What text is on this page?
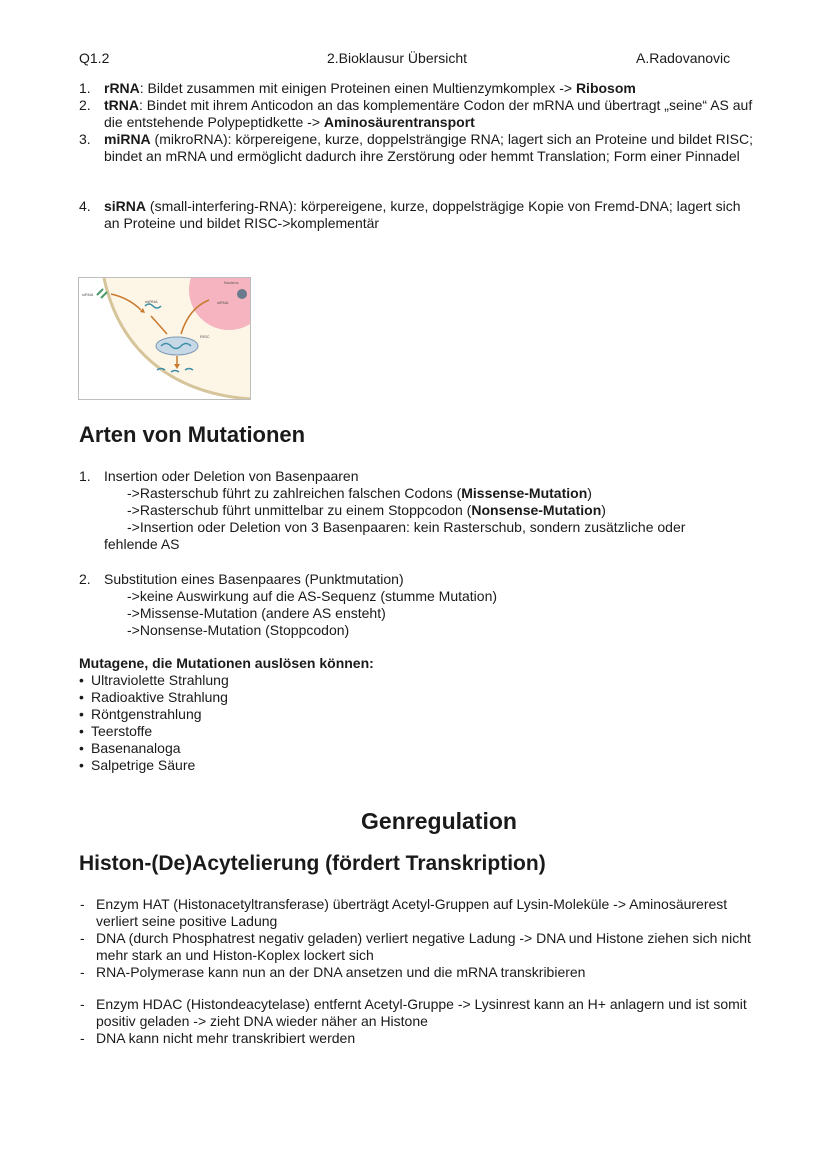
Q1.2	2.Bioklausur Übersicht	A.Radovanovic
1. rRNA: Bildet zusammen mit einigen Proteinen einen Multienzymkomplex -> Ribosom
2. tRNA: Bindet mit ihrem Anticodon an das komplementäre Codon der mRNA und übertragt „seine“ AS auf die entstehende Polypeptidkette -> Aminosäurentransport
3. miRNA (mikroRNA): körpereigene, kurze, doppelsträngige RNA; lagert sich an Proteine und bildet RISC; bindet an mRNA und ermöglicht dadurch ihre Zerstörung oder hemmt Translation; Form einer Pinnadel
4. siRNA (small-interfering-RNA): körpereigene, kurze, doppelsträgige Kopie von Fremd-DNA; lagert sich an Proteine und bildet RISC->komplementär
siRNA
miRNA
RISC
Nucleus
siRNA
Arten von Mutationen
1. Insertion oder Deletion von Basenpaaren
->Rasterschub führt zu zahlreichen falschen Codons (Missense-Mutation)
->Rasterschub führt unmittelbar zu einem Stoppcodon (Nonsense-Mutation)
->Insertion oder Deletion von 3 Basenpaaren: kein Rasterschub, sondern zusätzliche oder
fehlende AS
2. Substitution eines Basenpaares (Punktmutation)
->keine Auswirkung auf die AS-Sequenz (stumme Mutation)
->Missense-Mutation (andere AS ensteht)
->Nonsense-Mutation (Stoppcodon)
Mutagene, die Mutationen auslösen können:
• Ultraviolette Strahlung
• Radioaktive Strahlung
• Röntgenstrahlung
• Teerstoffe
• Basenanaloga
• Salpetrige Säure
Genregulation
Histon-(De)Acytelierung (fördert Transkription)
- Enzym HAT (Histonacetyltransferase) überträgt Acetyl-Gruppen auf Lysin-Moleküle -> Aminosäurerest verliert seine positive Ladung
- DNA (durch Phosphatrest negativ geladen) verliert negative Ladung -> DNA und Histone ziehen sich nicht mehr stark an und Histon-Koplex lockert sich
- RNA-Polymerase kann nun an der DNA ansetzen und die mRNA transkribieren
- Enzym HDAC (Histondeacytelase) entfernt Acetyl-Gruppe -> Lysinrest kann an H+ anlagern und ist somit positiv geladen -> zieht DNA wieder näher an Histone
- DNA kann nicht mehr transkribiert werden
